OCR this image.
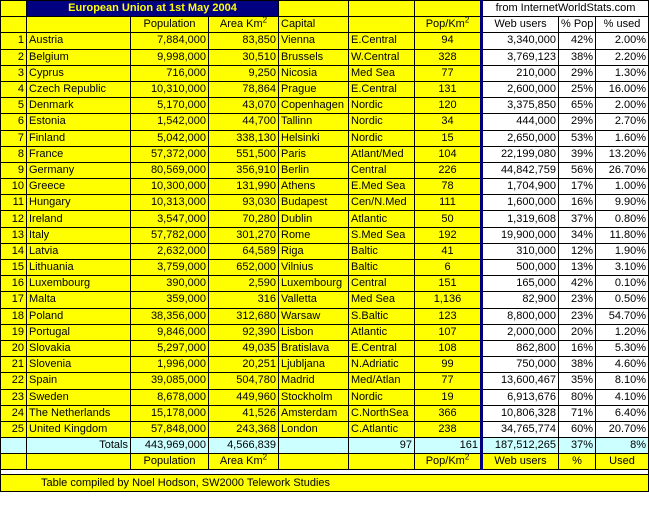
	European Union at 1st May 2004						from InternetWorldStats.com		
		Population	Area Km$^2$	Capital		Pop/Km$^2$	Web users	% Pop	% used
1	Austria	7,884,000	83,850	Vienna	E.Central	94	3,340,000	42%	2.00%
2	Belgium	9,998,000	30,510	Brussels	W.Central	328	3,769,123	38%	2.20%
3	Cyprus	716,000	9,250	Nicosia	Med Sea	77	210,000	29%	1.30%
4	Czech Republic	10,310,000	78,864	Prague	E.Central	131	2,600,000	25%	16.00%
5	Denmark	5,170,000	43,070	Copenhagen	Nordic	120	3,375,850	65%	2.00%
6	Estonia	1,542,000	44,700	Tallinn	Nordic	34	444,000	29%	2.70%
7	Finland	5,042,000	338,130	Helsinki	Nordic	15	2,650,000	53%	1.60%
8	France	57,372,000	551,500	Paris	Atlant/Med	104	22,199,080	39%	13.20%
9	Germany	80,569,000	356,910	Berlin	Central	226	44,842,759	56%	26.70%
10	Greece	10,300,000	131,990	Athens	E.Med Sea	78	1,704,900	17%	1.00%
11	Hungary	10,313,000	93,030	Budapest	Cen/N.Med	111	1,600,000	16%	9.90%
12	Ireland	3,547,000	70,280	Dublin	Atlantic	50	1,319,608	37%	0.80%
13	Italy	57,782,000	301,270	Rome	S.Med Sea	192	19,900,000	34%	11.80%
14	Latvia	2,632,000	64,589	Riga	Baltic	41	310,000	12%	1.90%
15	Lithuania	3,759,000	652,000	Vilnius	Baltic	6	500,000	13%	3.10%
16	Luxembourg	390,000	2,590	Luxembourg	Central	151	165,000	42%	0.10%
17	Malta	359,000	316	Valletta	Med Sea	1,136	82,900	23%	0.50%
18	Poland	38,356,000	312,680	Warsaw	S.Baltic	123	8,800,000	23%	54.70%
19	Portugal	9,846,000	92,390	Lisbon	Atlantic	107	2,000,000	20%	1.20%
20	Slovakia	5,297,000	49,035	Bratislava	E.Central	108	862,800	16%	5.30%
21	Slovenia	1,996,000	20,251	Ljubljana	N.Adriatic	99	750,000	38%	4.60%
22	Spain	39,085,000	504,780	Madrid	Med/Atlan	77	13,600,467	35%	8.10%
23	Sweden	8,678,000	449,960	Stockholm	Nordic	19	6,913,676	80%	4.10%
24	The Netherlands	15,178,000	41,526	Amsterdam	C.NorthSea	366	10,806,328	71%	6.40%
25	United Kingdom	57,848,000	243,368	London	C.Atlantic	238	34,765,774	60%	20.70%
	Totals	443,969,000	4,566,839		97	161	187,512,265	37%	8%
		Population	Area Km$^2$			Pop/Km$^2$	Web users	%	Used

Table compiled by Noel Hodson, SW2000 Telework Studies									
